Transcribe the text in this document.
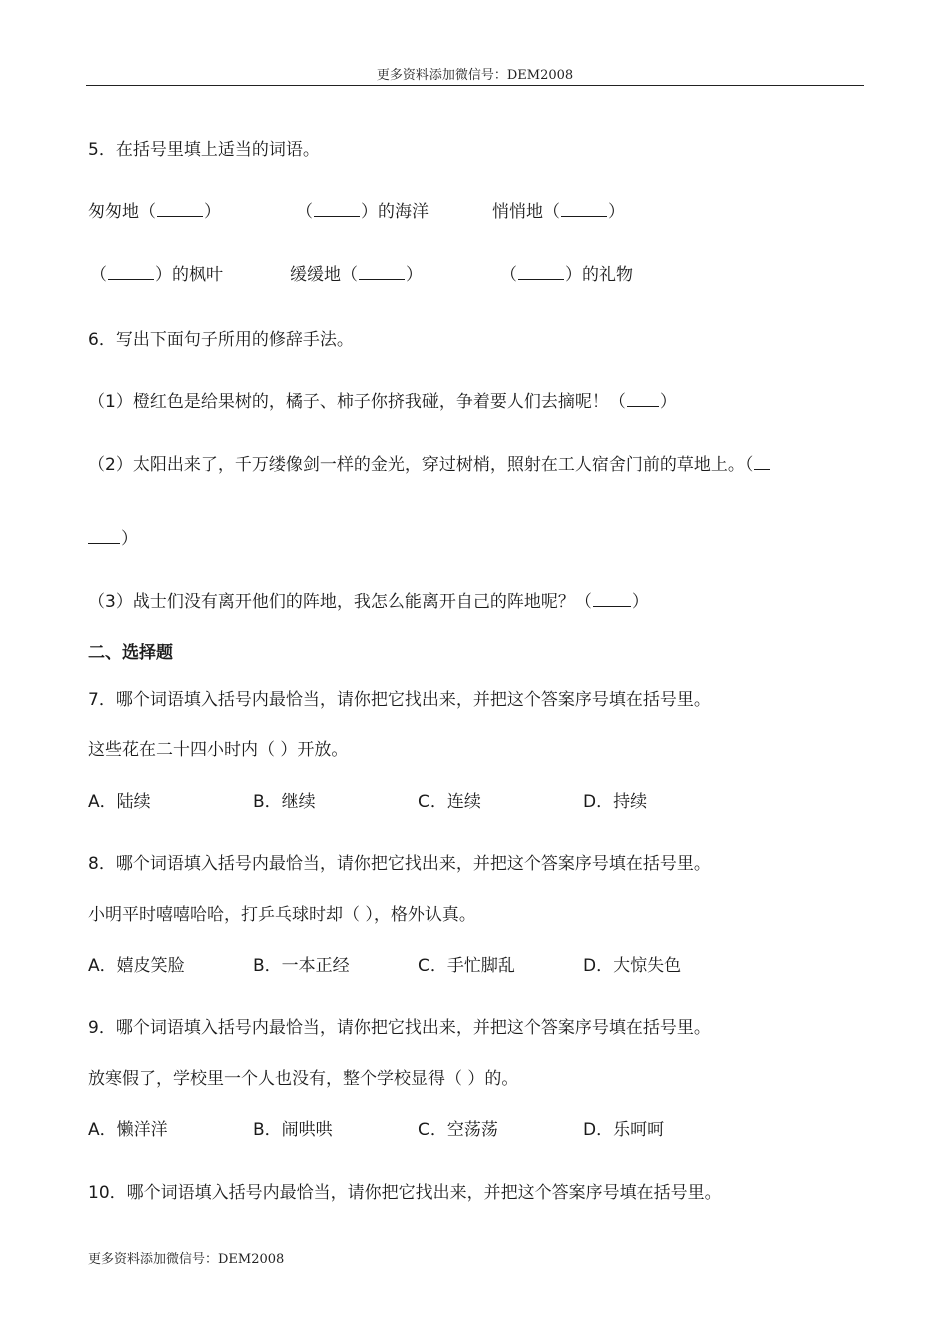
更多资料添加微信号：DEM2008
5．在括号里填上适当的词语。
匆匆地（	）	（	）的海洋	悄悄地（	）
（	）的枫叶	缓缓地（	）	（	）的礼物
6．写出下面句子所用的修辞手法。
（1）橙红色是给果树的，橘子、柿子你挤我碰，争着要人们去摘呢！（ ）
（2）太阳出来了，千万缕像剑一样的金光，穿过树梢，照射在工人宿舍门前的草地上。（
）
（3）战士们没有离开他们的阵地，我怎么能离开自己的阵地呢？（ ）
二、选择题
7．哪个词语填入括号内最恰当，请你把它找出来，并把这个答案序号填在括号里。
这些花在二十四小时内（ ）开放。
A．陆续	B．继续	C．连续	D．持续
8．哪个词语填入括号内最恰当，请你把它找出来，并把这个答案序号填在括号里。
小明平时嘻嘻哈哈，打乒乓球时却（ ），格外认真。
A．嬉皮笑脸	B．一本正经	C．手忙脚乱	D．大惊失色
9．哪个词语填入括号内最恰当，请你把它找出来，并把这个答案序号填在括号里。
放寒假了，学校里一个人也没有，整个学校显得（ ）的。
A．懒洋洋	B．闹哄哄	C．空荡荡	D．乐呵呵
10．哪个词语填入括号内最恰当，请你把它找出来，并把这个答案序号填在括号里。
更多资料添加微信号：DEM2008
